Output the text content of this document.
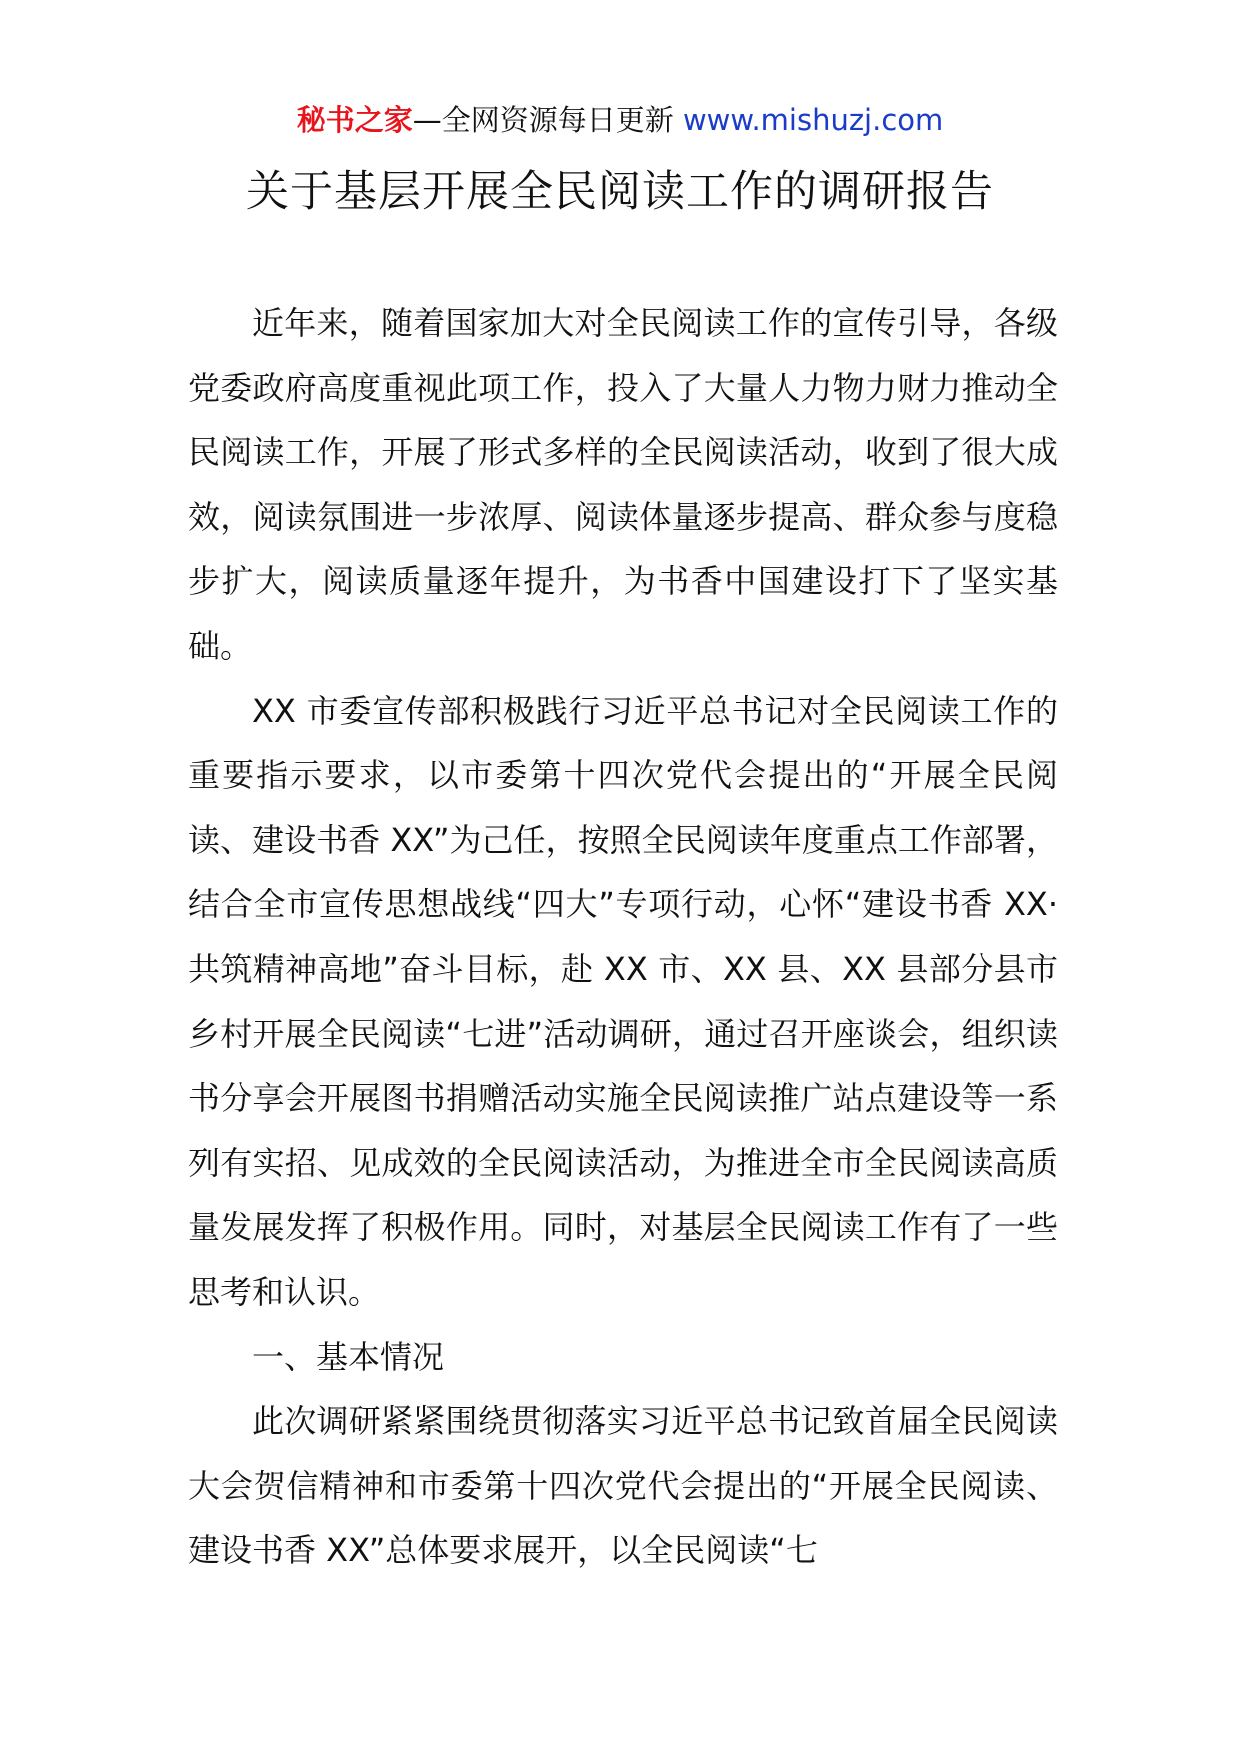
秘书之家—全网资源每日更新 www.mishuzj.com
关于基层开展全民阅读工作的调研报告

近年来，随着国家加大对全民阅读工作的宣传引导，各级党委政府高度重视此项工作，投入了大量人力物力财力推动全民阅读工作，开展了形式多样的全民阅读活动，收到了很大成效，阅读氛围进一步浓厚、阅读体量逐步提高、群众参与度稳步扩大，阅读质量逐年提升，为书香中国建设打下了坚实基础。

XX 市委宣传部积极践行习近平总书记对全民阅读工作的重要指示要求，以市委第十四次党代会提出的“开展全民阅读、建设书香 XX”为己任，按照全民阅读年度重点工作部署，结合全市宣传思想战线“四大”专项行动，心怀“建设书香 XX·共筑精神高地”奋斗目标，赴 XX 市、XX 县、XX 县部分县市乡村开展全民阅读“七进”活动调研，通过召开座谈会，组织读书分享会开展图书捐赠活动实施全民阅读推广站点建设等一系列有实招、见成效的全民阅读活动，为推进全市全民阅读高质量发展发挥了积极作用。同时，对基层全民阅读工作有了一些思考和认识。

一、基本情况

此次调研紧紧围绕贯彻落实习近平总书记致首届全民阅读大会贺信精神和市委第十四次党代会提出的“开展全民阅读、建设书香 XX”总体要求展开，以全民阅读“七
